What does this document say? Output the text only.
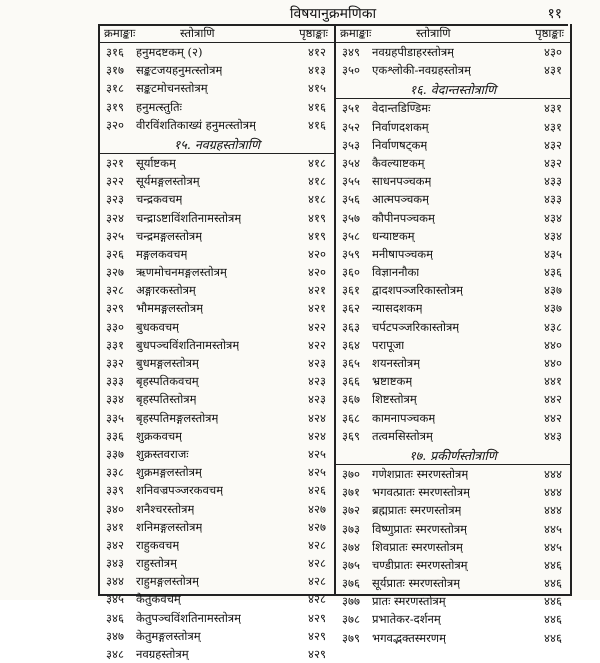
विषयानुक्रमणिका	११
क्रमाङ्काः	स्तोत्राणि	पृष्ठाङ्काः
३१६ हनुमदष्टकम् (२)	४१२
३१७ सङ्कटजयहनुमत्स्तोत्रम्	४१३
३१८ सङ्कटमोचनस्तोत्रम्	४१५
३१९ हनुमत्स्तुतिः	४१६
३२० वीरविंशतिकाख्यं हनुमत्स्तोत्रम्	४१६
१५. नवग्रहस्तोत्राणि
३२१ सूर्याष्टकम्	४१८
३२२ सूर्यमङ्गलस्तोत्रम्	४१८
३२३ चन्द्रकवचम्	४१८
३२४ चन्द्राऽष्टाविंशतिनामस्तोत्रम्	४१९
३२५ चन्द्रमङ्गलस्तोत्रम्	४१९
३२६ मङ्गलकवचम्	४२०
३२७ ऋणमोचनमङ्गलस्तोत्रम्	४२०
३२८ अङ्गारकस्तोत्रम्	४२१
३२९ भौममङ्गलस्तोत्रम्	४२१
३३० बुधकवचम्	४२२
३३१ बुधपञ्चविंशतिनामस्तोत्रम्	४२२
३३२ बुधमङ्गलस्तोत्रम्	४२३
३३३ बृहस्पतिकवचम्	४२३
३३४ बृहस्पतिस्तोत्रम्	४२३
३३५ बृहस्पतिमङ्गलस्तोत्रम्	४२४
३३६ शुक्रकवचम्	४२४
३३७ शुक्रस्तवराजः	४२५
३३८ शुक्रमङ्गलस्तोत्रम्	४२५
३३९ शनिवज्रपञ्जरकवचम्	४२६
३४० शनैश्चरस्तोत्रम्	४२७
३४१ शनिमङ्गलस्तोत्रम्	४२७
३४२ राहुकवचम्	४२८
३४३ राहुस्तोत्रम्	४२८
३४४ राहुमङ्गलस्तोत्रम्	४२८
३४५ केतुकवचम्	४२८
३४६ केतुपञ्चविंशतिनामस्तोत्रम्	४२९
३४७ केतुमङ्गलस्तोत्रम्	४२९
३४८ नवग्रहस्तोत्रम्	४२९
क्रमाङ्काः	स्तोत्राणि	पृष्ठाङ्काः
३४९ नवग्रहपीडाहरस्तोत्रम्	४३०
३५० एकश्लोकी-नवग्रहस्तोत्रम्	४३१
१६. वेदान्तस्तोत्राणि
३५१ वेदान्तडिण्डिमः	४३१
३५२ निर्वाणदशकम्	४३१
३५३ निर्वाणषट्कम्	४३२
३५४ कैवल्याष्टकम्	४३२
३५५ साधनपञ्चकम्	४३३
३५६ आत्मपञ्चकम्	४३३
३५७ कौपीनपञ्चकम्	४३४
३५८ धन्याष्टकम्	४३४
३५९ मनीषापञ्चकम्	४३५
३६० विज्ञाननौका	४३६
३६१ द्वादशपञ्जरिकास्तोत्रम्	४३७
३६२ न्यासदशकम्	४३७
३६३ चर्पटपञ्जरिकास्तोत्रम्	४३८
३६४ परापूजा	४४०
३६५ शयनस्तोत्रम्	४४०
३६६ भ्रष्टाष्टकम्	४४१
३६७ शिष्टस्तोत्रम्	४४२
३६८ कामनापञ्चकम्	४४२
३६९ तत्वमसिस्तोत्रम्	४४३
१७. प्रकीर्णस्तोत्राणि
३७० गणेशप्रातः स्मरणस्तोत्रम्	४४४
३७१ भगवत्प्रातः स्मरणस्तोत्रम्	४४४
३७२ ब्रह्मप्रातः स्मरणस्तोत्रम्	४४४
३७३ विष्णुप्रातः स्मरणस्तोत्रम्	४४५
३७४ शिवप्रातः स्मरणस्तोत्रम्	४४५
३७५ चण्डीप्रातः स्मरणस्तोत्रम्	४४६
३७६ सूर्यप्रातः स्मरणस्तोत्रम्	४४६
३७७ प्रातः स्मरणस्तोत्रम्	४४६
३७८ प्रभातेकर-दर्शनम्	४४६
३७९ भगवद्भक्तस्मरणम्	४४६
